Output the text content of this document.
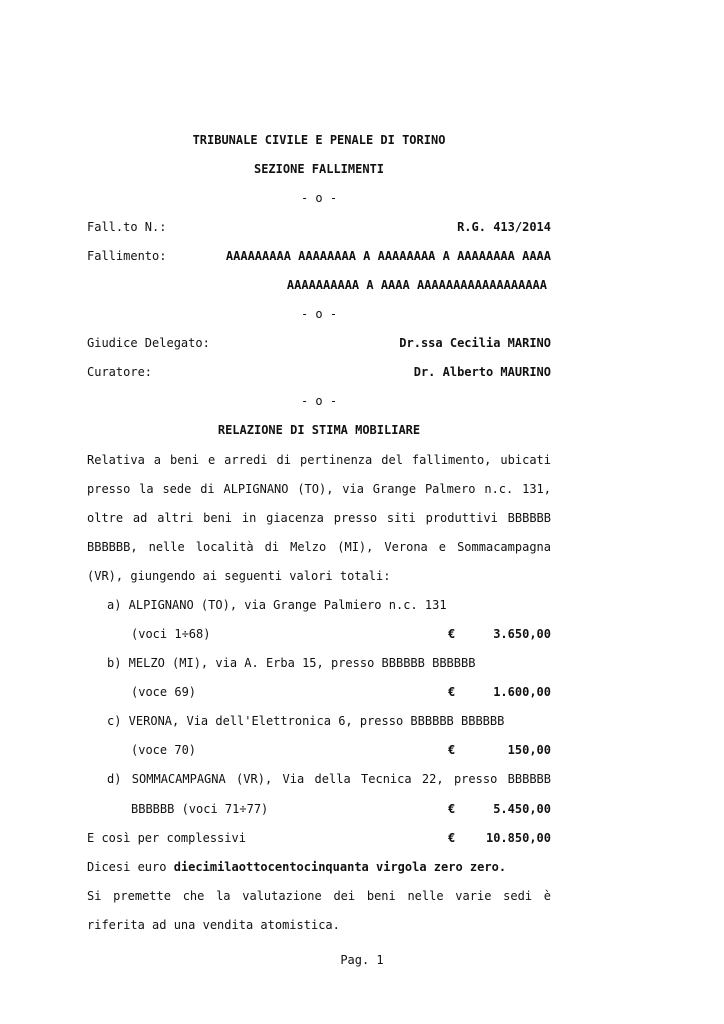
TRIBUNALE CIVILE E PENALE DI TORINO
SEZIONE FALLIMENTI
- o -
Fall.to N.:	R.G. 413/2014
Fallimento:	AAAAAAAAA AAAAAAAA A AAAAAAAA A AAAAAAAA AAAA
AAAAAAAAAA A AAAA AAAAAAAAAAAAAAAAAA
- o -
Giudice Delegato:	Dr.ssa Cecilia MARINO
Curatore:	Dr. Alberto MAURINO
- o -
RELAZIONE DI STIMA MOBILIARE
Relativa a beni e arredi di pertinenza del fallimento, ubicati
presso la sede di ALPIGNANO (TO), via Grange Palmero n.c. 131,
oltre ad altri beni in giacenza presso siti produttivi BBBBBB
BBBBBB, nelle località di Melzo (MI), Verona e Sommacampagna
(VR), giungendo ai seguenti valori totali:
a) ALPIGNANO (TO), via Grange Palmiero n.c. 131
(voci 1÷68)	€	3.650,00
b) MELZO (MI), via A. Erba 15, presso BBBBBB BBBBBB
(voce 69)	€	1.600,00
c) VERONA, Via dell'Elettronica 6, presso BBBBBB BBBBBB
(voce 70)	€	150,00
d) SOMMACAMPAGNA (VR), Via della Tecnica 22, presso BBBBBB
BBBBBB (voci 71÷77)	€	5.450,00
E così per complessivi	€	10.850,00
Dicesi euro diecimilaottocentocinquanta virgola zero zero.
Si premette che la valutazione dei beni nelle varie sedi è
riferita ad una vendita atomistica.
Pag. 1
